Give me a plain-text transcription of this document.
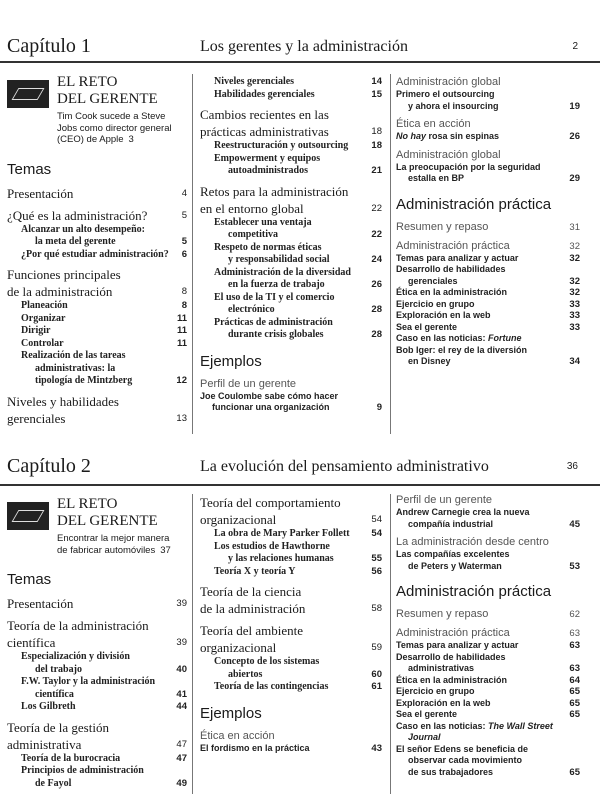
Capítulo 1	Los gerentes y la administración	2
EL RETO
DEL GERENTE
Tim Cook sucede a Steve
Jobs como director general
(CEO) de Apple 3
Temas
Presentación	4
¿Qué es la administración?	5
Alcanzar un alto desempeño:
la meta del gerente	5
¿Por qué estudiar administración?	6
Funciones principales
de la administración	8
Planeación	8
Organizar	11
Dirigir	11
Controlar	11
Realización de las tareas
administrativas: la
tipología de Mintzberg	12
Niveles y habilidades
gerenciales	13
Niveles gerenciales	14
Habilidades gerenciales	15
Cambios recientes en las
prácticas administrativas	18
Reestructuración y outsourcing	18
Empowerment y equipos
autoadministrados	21
Retos para la administración
en el entorno global	22
Establecer una ventaja
competitiva	22
Respeto de normas éticas
y responsabilidad social	24
Administración de la diversidad
en la fuerza de trabajo	26
El uso de la TI y el comercio
electrónico	28
Prácticas de administración
durante crisis globales	28
Ejemplos
Perfil de un gerente
Joe Coulombe sabe cómo hacer
funcionar una organización	9
Administración global
Primero el outsourcing
y ahora el insourcing	19
Ética en acción
No hay rosa sin espinas	26
Administración global
La preocupación por la seguridad
estalla en BP	29
Administración práctica
Resumen y repaso	31
Administración práctica	32
Temas para analizar y actuar	32
Desarrollo de habilidades
gerenciales	32
Ética en la administración	32
Ejercicio en grupo	33
Exploración en la web	33
Sea el gerente	33
Caso en las noticias: Fortune
Bob Iger: el rey de la diversión
en Disney	34
Capítulo 2	La evolución del pensamiento administrativo	36
EL RETO
DEL GERENTE
Encontrar la mejor manera
de fabricar automóviles 37
Temas
Presentación	39
Teoría de la administración
científica	39
Especialización y división
del trabajo	40
F.W. Taylor y la administración
científica	41
Los Gilbreth	44
Teoría de la gestión
administrativa	47
Teoría de la burocracia	47
Principios de administración
de Fayol	49
Teoría del comportamiento
organizacional	54
La obra de Mary Parker Follett	54
Los estudios de Hawthorne
y las relaciones humanas	55
Teoría X y teoría Y	56
Teoría de la ciencia
de la administración	58
Teoría del ambiente
organizacional	59
Concepto de los sistemas
abiertos	60
Teoría de las contingencias	61
Ejemplos
Ética en acción
El fordismo en la práctica	43
Perfil de un gerente
Andrew Carnegie crea la nueva
compañía industrial	45
La administración desde centro
Las compañías excelentes
de Peters y Waterman	53
Administración práctica
Resumen y repaso	62
Administración práctica	63
Temas para analizar y actuar	63
Desarrollo de habilidades
administrativas	63
Ética en la administración	64
Ejercicio en grupo	65
Exploración en la web	65
Sea el gerente	65
Caso en las noticias: The Wall Street
Journal
El señor Edens se beneficia de
observar cada movimiento
de sus trabajadores	65
